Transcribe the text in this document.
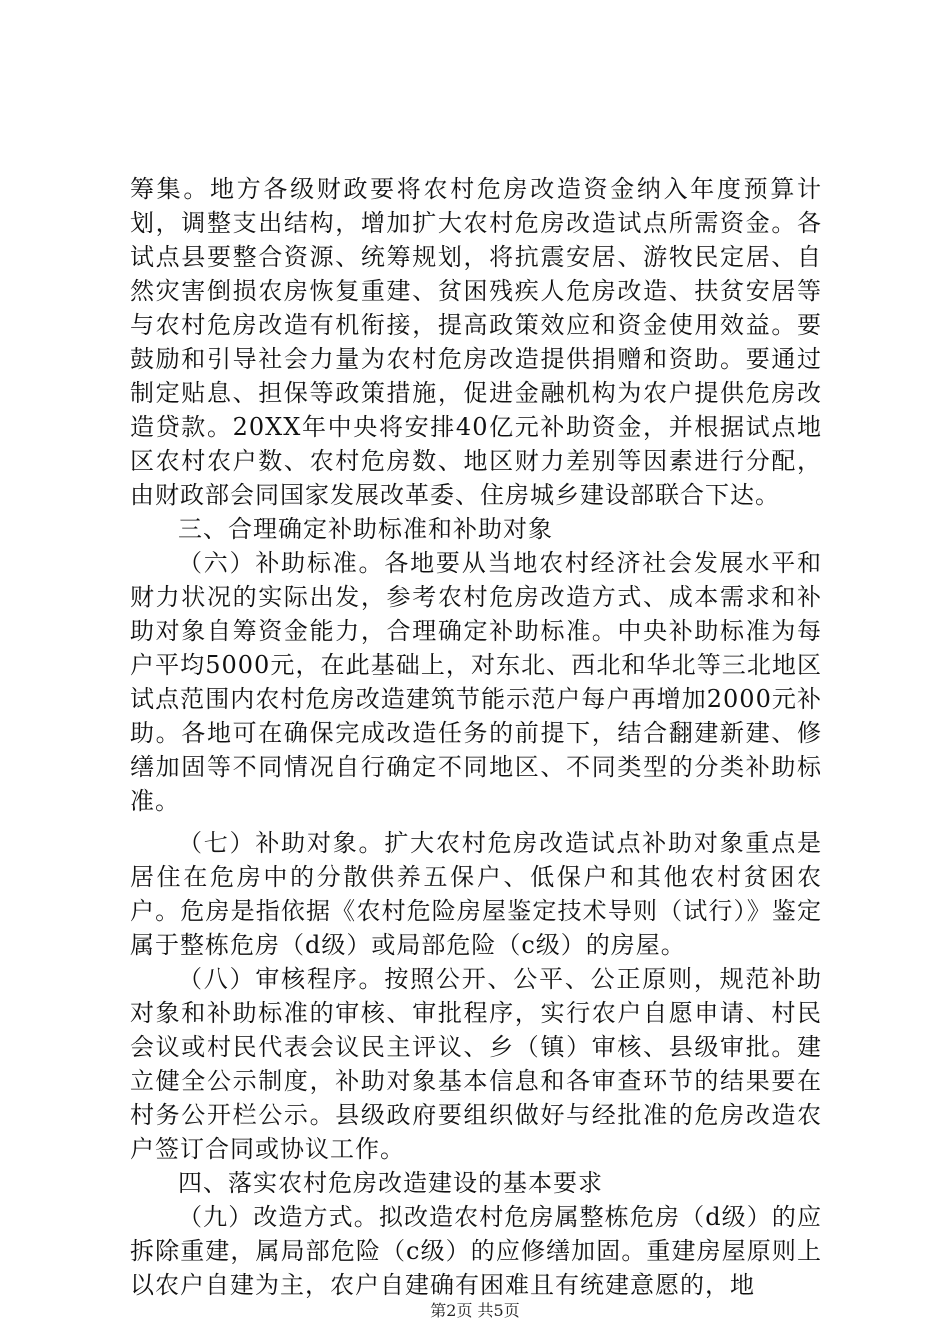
筹集。地方各级财政要将农村危房改造资金纳入年度预算计划，调整支出结构，增加扩大农村危房改造试点所需资金。各试点县要整合资源、统筹规划，将抗震安居、游牧民定居、自然灾害倒损农房恢复重建、贫困残疾人危房改造、扶贫安居等与农村危房改造有机衔接，提高政策效应和资金使用效益。要鼓励和引导社会力量为农村危房改造提供捐赠和资助。要通过制定贴息、担保等政策措施，促进金融机构为农户提供危房改造贷款。20XX年中央将安排40亿元补助资金，并根据试点地区农村农户数、农村危房数、地区财力差别等因素进行分配，由财政部会同国家发展改革委、住房城乡建设部联合下达。

三、合理确定补助标准和补助对象

（六）补助标准。各地要从当地农村经济社会发展水平和财力状况的实际出发，参考农村危房改造方式、成本需求和补助对象自筹资金能力，合理确定补助标准。中央补助标准为每户平均5000元，在此基础上，对东北、西北和华北等三北地区试点范围内农村危房改造建筑节能示范户每户再增加2000元补助。各地可在确保完成改造任务的前提下，结合翻建新建、修缮加固等不同情况自行确定不同地区、不同类型的分类补助标准。

（七）补助对象。扩大农村危房改造试点补助对象重点是居住在危房中的分散供养五保户、低保户和其他农村贫困农户。危房是指依据《农村危险房屋鉴定技术导则（试行）》鉴定属于整栋危房（d级）或局部危险（c级）的房屋。

（八）审核程序。按照公开、公平、公正原则，规范补助对象和补助标准的审核、审批程序，实行农户自愿申请、村民会议或村民代表会议民主评议、乡（镇）审核、县级审批。建立健全公示制度，补助对象基本信息和各审查环节的结果要在村务公开栏公示。县级政府要组织做好与经批准的危房改造农户签订合同或协议工作。

四、落实农村危房改造建设的基本要求

（九）改造方式。拟改造农村危房属整栋危房（d级）的应拆除重建，属局部危险（c级）的应修缮加固。重建房屋原则上以农户自建为主，农户自建确有困难且有统建意愿的，地

第2页 共5页
